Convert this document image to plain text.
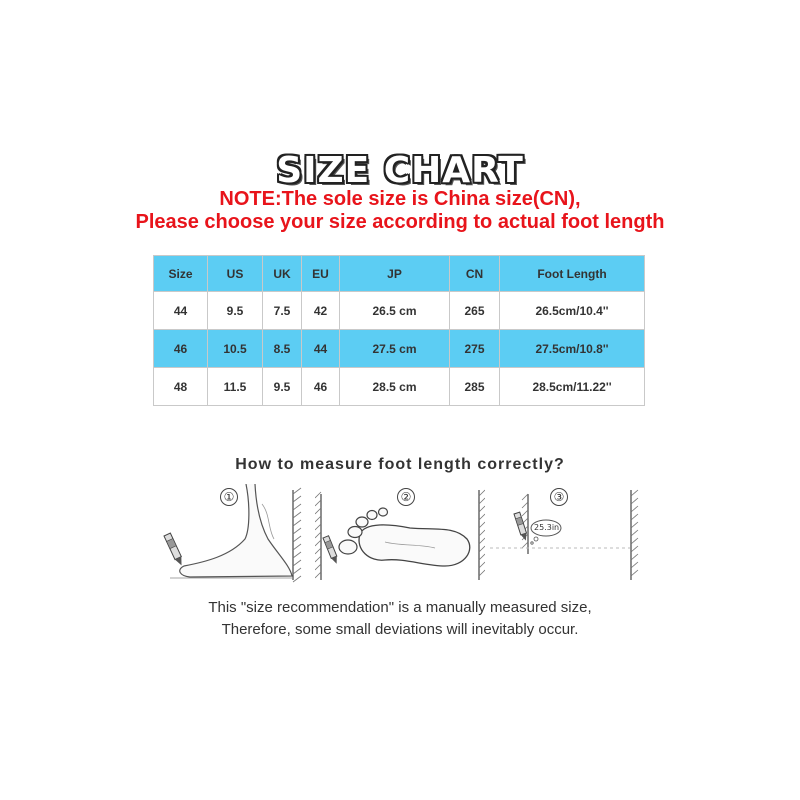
SIZE CHART
NOTE:The sole size is China size(CN),
Please choose your size according to actual foot length
Size	US	UK	EU	JP	CN	Foot Length
44	9.5	7.5	42	26.5 cm	265	26.5cm/10.4''
46	10.5	8.5	44	27.5 cm	275	27.5cm/10.8''
48	11.5	9.5	46	28.5 cm	285	28.5cm/11.22''
How to measure foot length correctly?
①	②	③
25.3in
This "size recommendation" is a manually measured size,
Therefore, some small deviations will inevitably occur.
